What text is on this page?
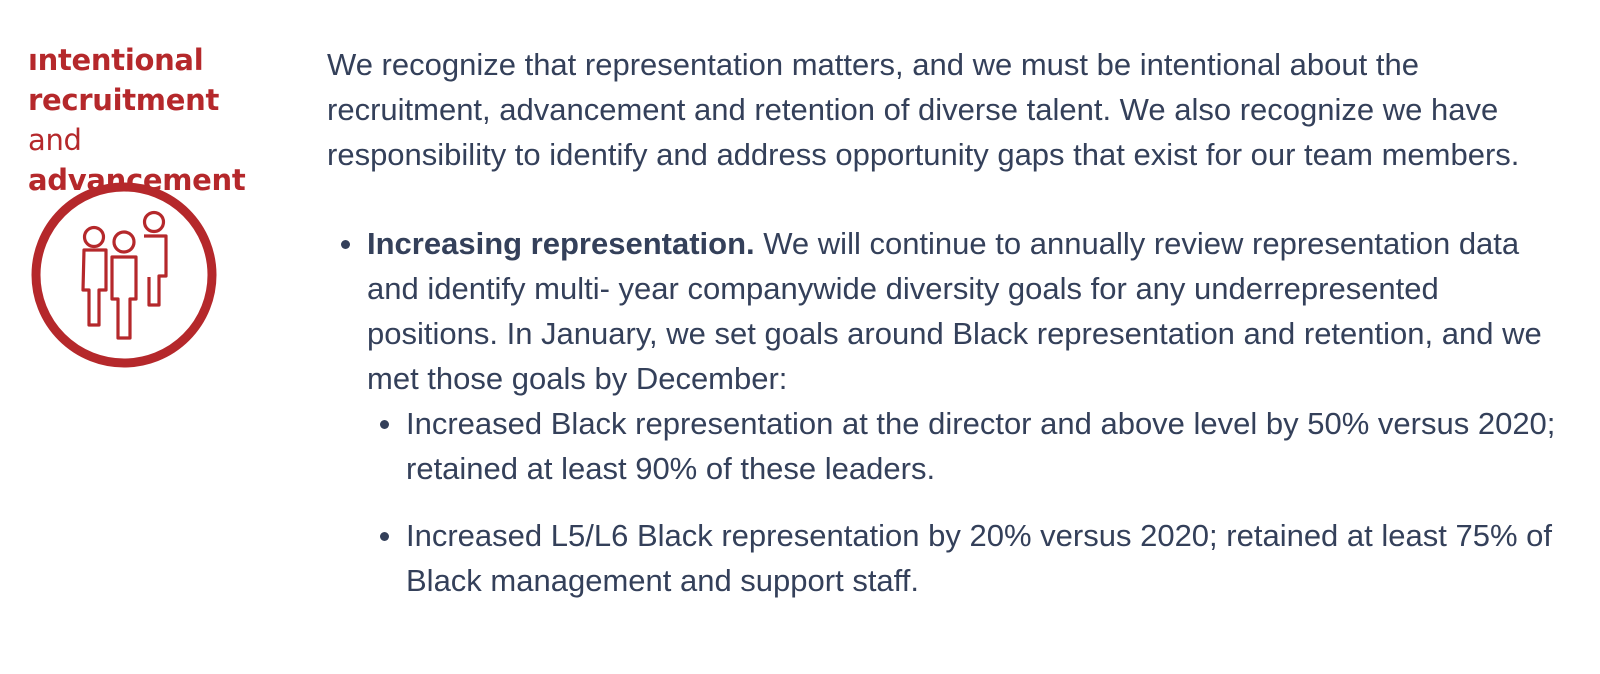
ıntentional
recruitment
and advancement

We recognize that representation matters, and we must be intentional about the recruitment, advancement and retention of diverse talent. We also recognize we have responsibility to identify and address opportunity gaps that exist for our team members.

Increasing representation. We will continue to annually review representation data and identify multi- year companywide diversity goals for any underrepresented positions. In January, we set goals around Black representation and retention, and we met those goals by December:
Increased Black representation at the director and above level by 50% versus 2020; retained at least 90% of these leaders.
Increased L5/L6 Black representation by 20% versus 2020; retained at least 75% of Black management and support staff.
